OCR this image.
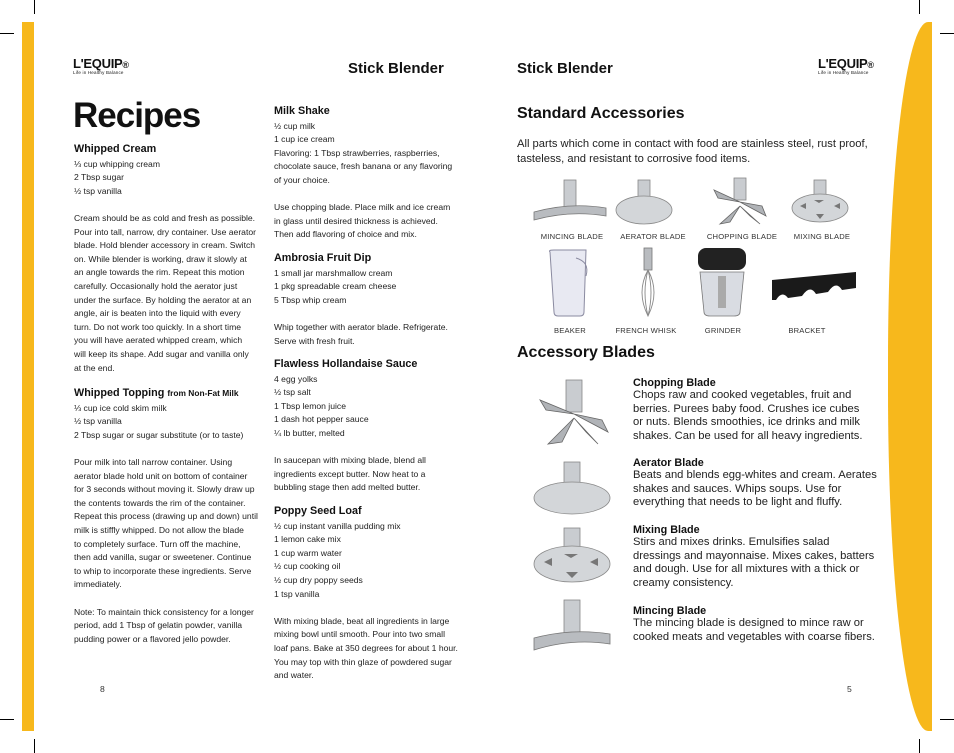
L'EQUIP®
Life in Healthy Balance
L'EQUIP®
Life in Healthy Balance
Stick Blender	Stick Blender
Recipes
Whipped Cream

⅓ cup whipping cream

2 Tbsp sugar

½ tsp vanilla

Cream should be as cold and fresh as possible.

Pour into tall, narrow, dry container. Use aerator

blade. Hold blender accessory in cream. Switch

on. While blender is working, draw it slowly at

an angle towards the rim. Repeat this motion

carefully. Occasionally hold the aerator just

under the surface. By holding the aerator at an

angle, air is beaten into the liquid with every

turn. Do not work too quickly. In a short time

you will have aerated whipped cream, which

will keep its shape. Add sugar and vanilla only

at the end.

Whipped Topping from Non-Fat Milk

⅓ cup ice cold skim milk

½ tsp vanilla

2 Tbsp sugar or sugar substitute (or to taste)

Pour milk into tall narrow container. Using

aerator blade hold unit on bottom of container

for 3 seconds without moving it. Slowly draw up

the contents towards the rim of the container.

Repeat this process (drawing up and down) until

milk is stiffly whipped. Do not allow the blade

to completely surface. Turn off the machine,

then add vanilla, sugar or sweetener. Continue

to whip to incorporate these ingredients. Serve

immediately.

Note: To maintain thick consistency for a longer

period, add 1 Tbsp of gelatin powder, vanilla

pudding power or a flavored jello powder.

Milk Shake

½ cup milk

1 cup ice cream

Flavoring: 1 Tbsp strawberries, raspberries,

chocolate sauce, fresh banana or any flavoring

of your choice.

Use chopping blade. Place milk and ice cream

in glass until desired thickness is achieved.

Then add flavoring of choice and mix.

Ambrosia Fruit Dip

1 small jar marshmallow cream

1 pkg spreadable cream cheese

5 Tbsp whip cream

Whip together with aerator blade. Refrigerate.

Serve with fresh fruit.

Flawless Hollandaise Sauce

4 egg yolks

½ tsp salt

1 Tbsp lemon juice

1 dash hot pepper sauce

¼ lb butter, melted

In saucepan with mixing blade, blend all

ingredients except butter. Now heat to a

bubbling stage then add melted butter.

Poppy Seed Loaf

½ cup instant vanilla pudding mix

1 lemon cake mix

1 cup warm water

½ cup cooking oil

½ cup dry poppy seeds

1 tsp vanilla

With mixing blade, beat all ingredients in large

mixing bowl until smooth. Pour into two small

loaf pans. Bake at 350 degrees for about 1 hour.

You may top with thin glaze of powdered sugar

and water.

Standard Accessories
All parts which come in contact with food are stainless steel, rust proof, tasteless, and resistant to corrosive food items.
MINCING BLADE	AERATOR BLADE	CHOPPING BLADE	MIXING BLADE
BEAKER	FRENCH WHISK	GRINDER	BRACKET
Accessory Blades
Chopping Blade
Chops raw and cooked vegetables, fruit and
berries. Purees baby food. Crushes ice cubes
or nuts. Blends smoothies, ice drinks and milk
shakes. Can be used for all heavy ingredients.
Aerator Blade
Beats and blends egg-whites and cream. Aerates
shakes and sauces. Whips soups. Use for
everything that needs to be light and fluffy.
Mixing Blade
Stirs and mixes drinks. Emulsifies salad
dressings and mayonnaise. Mixes cakes, batters
and dough. Use for all mixtures with a thick or
creamy consistency.
Mincing Blade
The mincing blade is designed to mince raw or
cooked meats and vegetables with coarse fibers.
8	5
